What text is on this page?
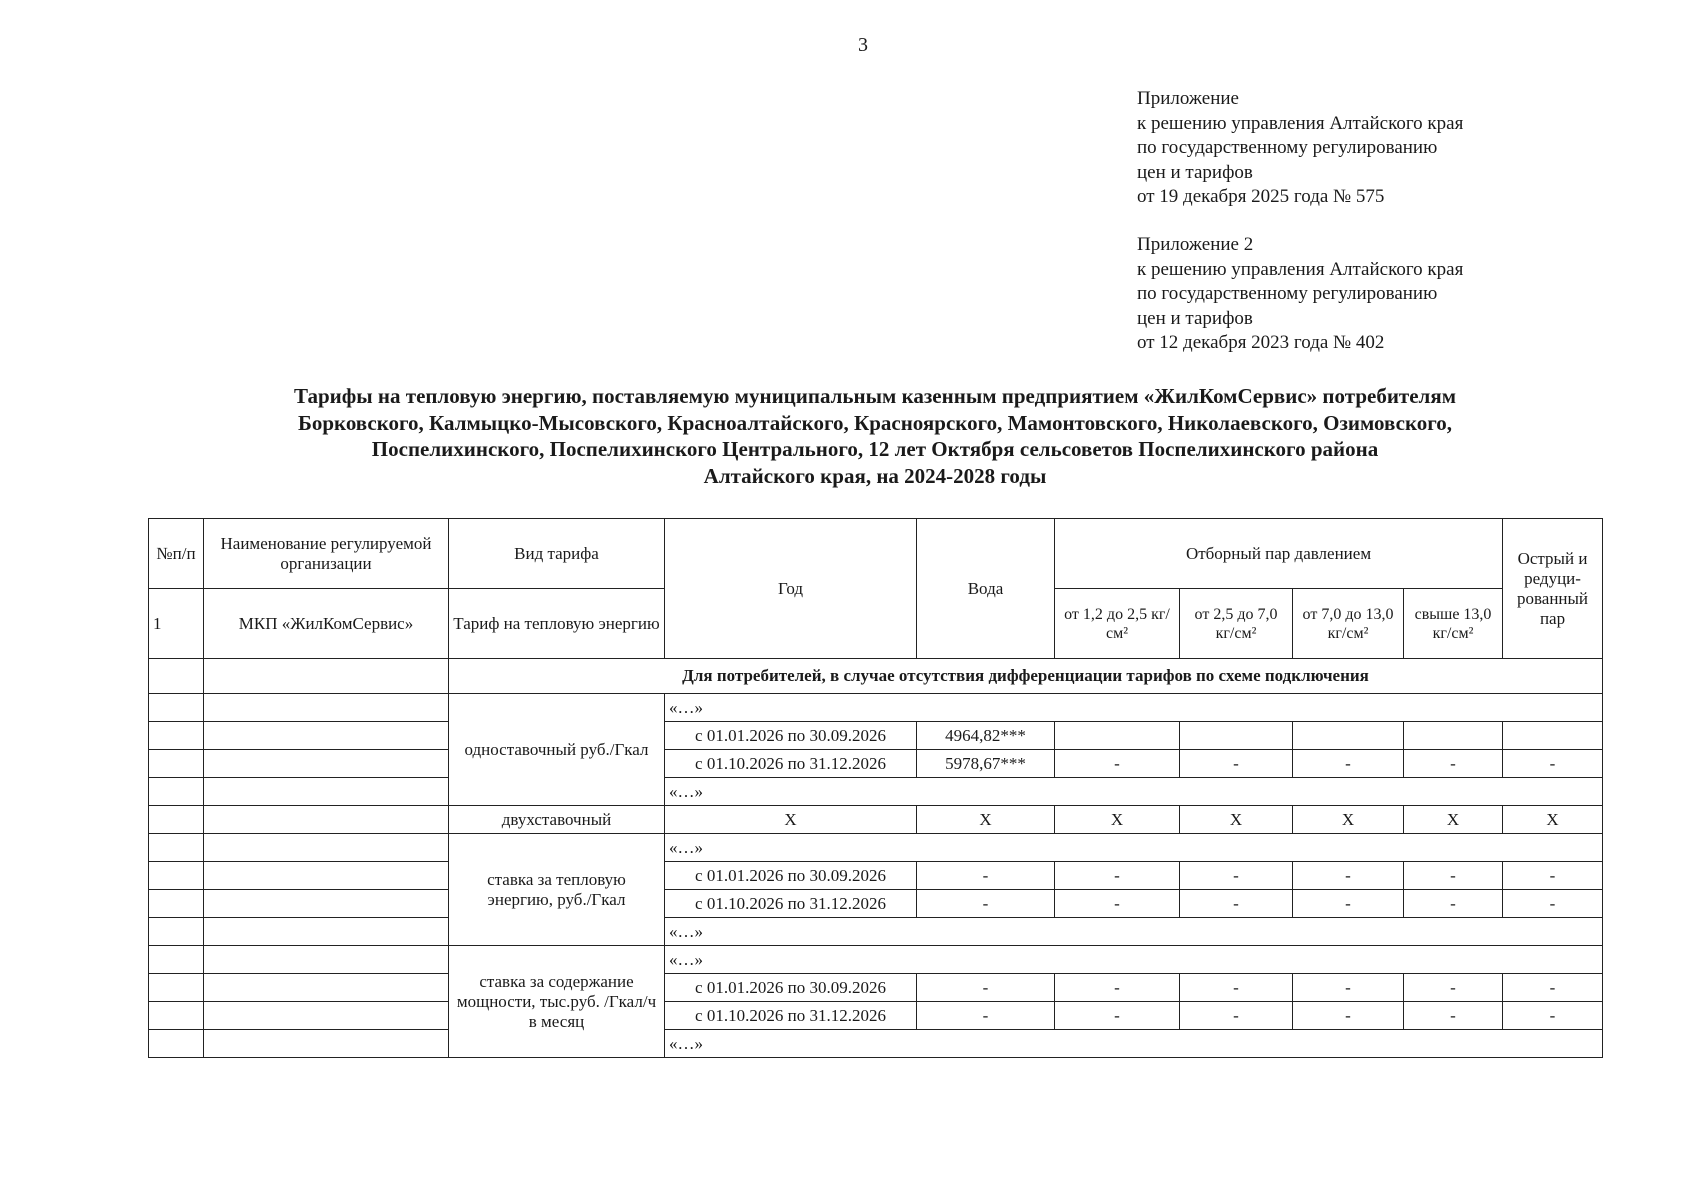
3
Приложение
к решению управления Алтайского края
по государственному регулированию
цен и тарифов
от 19 декабря 2025 года № 575
Приложение 2
к решению управления Алтайского края
по государственному регулированию
цен и тарифов
от 12 декабря 2023 года № 402
Тарифы на тепловую энергию, поставляемую муниципальным казенным предприятием «ЖилКомСервис» потребителям
Борковского, Калмыцко-Мысовского, Красноалтайского, Красноярского, Мамонтовского, Николаевского, Озимовского,
Поспелихинского, Поспелихинского Центрального, 12 лет Октября сельсоветов Поспелихинского района
Алтайского края, на 2024-2028 годы
№п/п	Наименование регулируемой организации	Вид тарифа	Год	Вода	Отборный пар давлением				Острый и редуци-рованный пар
1	МКП «ЖилКомСервис»	Тариф на тепловую энергию			от 1,2 до 2,5 кг/см²	от 2,5 до 7,0 кг/см²	от 7,0 до 13,0 кг/см²	свыше 13,0 кг/см²	
		Для потребителей, в случае отсутствия дифференциации тарифов по схеме подключения							
		одноставочный руб./Гкал	«…»						
			с 01.01.2026 по 30.09.2026	4964,82***					
			с 01.10.2026 по 31.12.2026	5978,67***	-	-	-	-	-
			«…»						
		двухставочный	Х	Х	Х	Х	Х	Х	Х
		ставка за тепловую энергию, руб./Гкал	«…»						
			с 01.01.2026 по 30.09.2026	-	-	-	-	-	-
			с 01.10.2026 по 31.12.2026	-	-	-	-	-	-
			«…»						
		ставка за содержание мощности, тыс.руб. /Гкал/ч в месяц	«…»						
			с 01.01.2026 по 30.09.2026	-	-	-	-	-	-
			с 01.10.2026 по 31.12.2026	-	-	-	-	-	-
			«…»						
